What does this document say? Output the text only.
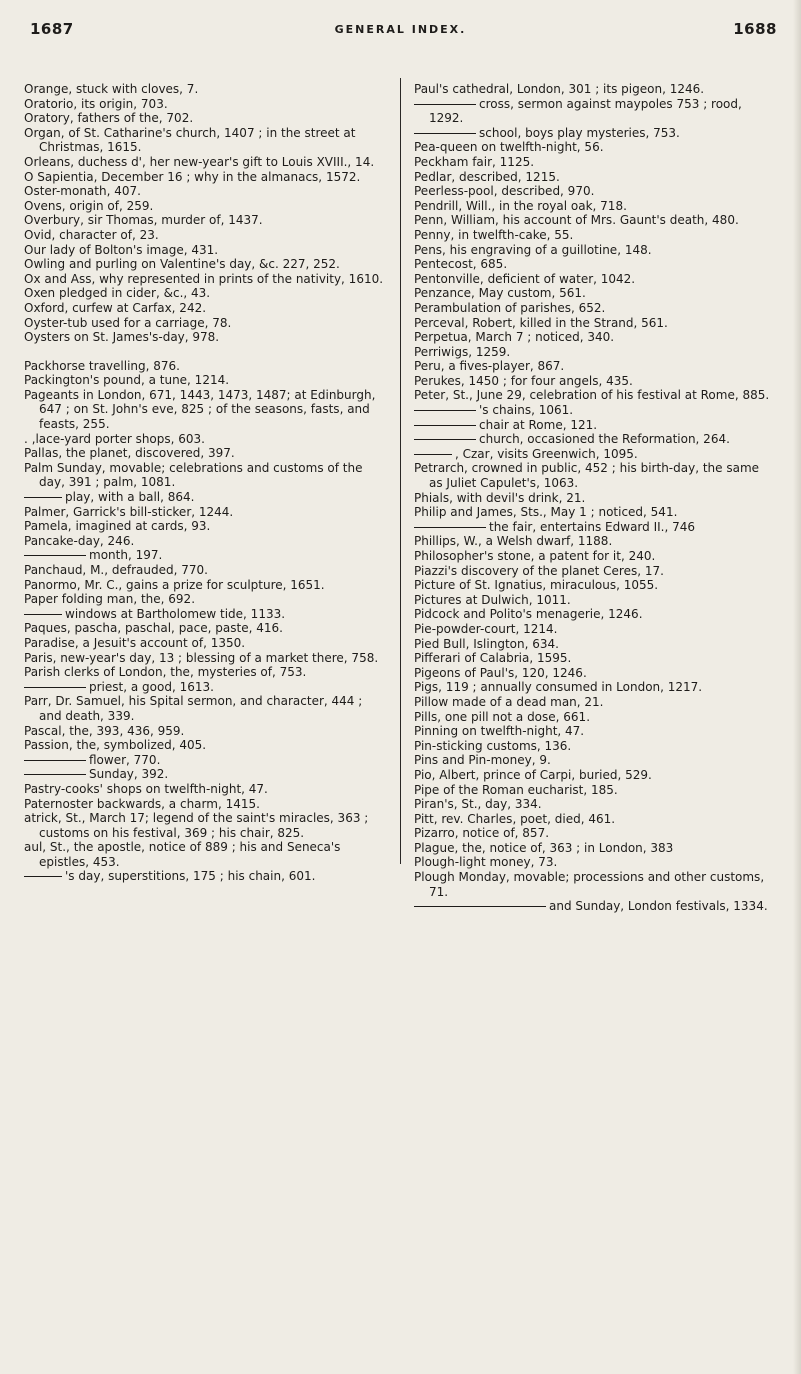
1687	GENERAL INDEX.	1688

Orange, stuck with cloves, 7.

Oratorio, its origin, 703.

Oratory, fathers of the, 702.

Organ, of St. Catharine's church, 1407 ; in the street at Christmas, 1615.

Orleans, duchess d', her new-year's gift to Louis XVIII., 14.

O Sapientia, December 16 ; why in the almanacs, 1572.

Oster-monath, 407.

Ovens, origin of, 259.

Overbury, sir Thomas, murder of, 1437.

Ovid, character of, 23.

Our lady of Bolton's image, 431.

Owling and purling on Valentine's day, &c. 227, 252.

Ox and Ass, why represented in prints of the nativity, 1610.

Oxen pledged in cider, &c., 43.

Oxford, curfew at Carfax, 242.

Oyster-tub used for a carriage, 78.

Oysters on St. James's-day, 978.

Packhorse travelling, 876.

Packington's pound, a tune, 1214.

Pageants in London, 671, 1443, 1473, 1487; at Edinburgh, 647 ; on St. John's eve, 825 ; of the seasons, fasts, and feasts, 255.

. ‚lace-yard porter shops, 603.

Pallas, the planet, discovered, 397.

Palm Sunday, movable; celebrations and customs of the day, 391 ; palm, 1081.

play, with a ball, 864.

Palmer, Garrick's bill-sticker, 1244.

Pamela, imagined at cards, 93.

Pancake-day, 246.

month, 197.

Panchaud, M., defrauded, 770.

Panormo, Mr. C., gains a prize for sculpture, 1651.

Paper folding man, the, 692.

windows at Bartholomew tide, 1133.

Paques, pascha, paschal, pace, paste, 416.

Paradise, a Jesuit's account of, 1350.

Paris, new-year's day, 13 ; blessing of a market there, 758.

Parish clerks of London, the, mysteries of, 753.

priest, a good, 1613.

Parr, Dr. Samuel, his Spital sermon, and character, 444 ; and death, 339.

Pascal, the, 393, 436, 959.

Passion, the, symbolized, 405.

flower, 770.

Sunday, 392.

Pastry-cooks' shops on twelfth-night, 47.

Paternoster backwards, a charm, 1415.

atrick, St., March 17; legend of the saint's miracles, 363 ; customs on his festival, 369 ; his chair, 825.

aul, St., the apostle, notice of 889 ; his and Seneca's epistles, 453.

's day, superstitions, 175 ; his chain, 601.

Paul's cathedral, London, 301 ; its pigeon, 1246.

cross, sermon against maypoles 753 ; rood, 1292.

school, boys play mysteries, 753.

Pea-queen on twelfth-night, 56.

Peckham fair, 1125.

Pedlar, described, 1215.

Peerless-pool, described, 970.

Pendrill, Will., in the royal oak, 718.

Penn, William, his account of Mrs. Gaunt's death, 480.

Penny, in twelfth-cake, 55.

Pens, his engraving of a guillotine, 148.

Pentecost, 685.

Pentonville, deficient of water, 1042.

Penzance, May custom, 561.

Perambulation of parishes, 652.

Perceval, Robert, killed in the Strand, 561.

Perpetua, March 7 ; noticed, 340.

Perriwigs, 1259.

Peru, a fives-player, 867.

Perukes, 1450 ; for four angels, 435.

Peter, St., June 29, celebration of his festival at Rome, 885.

's chains, 1061.

chair at Rome, 121.

church, occasioned the Reformation, 264.

, Czar, visits Greenwich, 1095.

Petrarch, crowned in public, 452 ; his birth-day, the same as Juliet Capulet's, 1063.

Phials, with devil's drink, 21.

Philip and James, Sts., May 1 ; noticed, 541.

the fair, entertains Edward II., 746

Phillips, W., a Welsh dwarf, 1188.

Philosopher's stone, a patent for it, 240.

Piazzi's discovery of the planet Ceres, 17.

Picture of St. Ignatius, miraculous, 1055.

Pictures at Dulwich, 1011.

Pidcock and Polito's menagerie, 1246.

Pie-powder-court, 1214.

Pied Bull, Islington, 634.

Pifferari of Calabria, 1595.

Pigeons of Paul's, 120, 1246.

Pigs, 119 ; annually consumed in London, 1217.

Pillow made of a dead man, 21.

Pills, one pill not a dose, 661.

Pinning on twelfth-night, 47.

Pin-sticking customs, 136.

Pins and Pin-money, 9.

Pio, Albert, prince of Carpi, buried, 529.

Pipe of the Roman eucharist, 185.

Piran's, St., day, 334.

Pitt, rev. Charles, poet, died, 461.

Pizarro, notice of, 857.

Plague, the, notice of, 363 ; in London, 383

Plough-light money, 73.

Plough Monday, movable; processions and other customs, 71.

and Sunday, London festivals, 1334.
